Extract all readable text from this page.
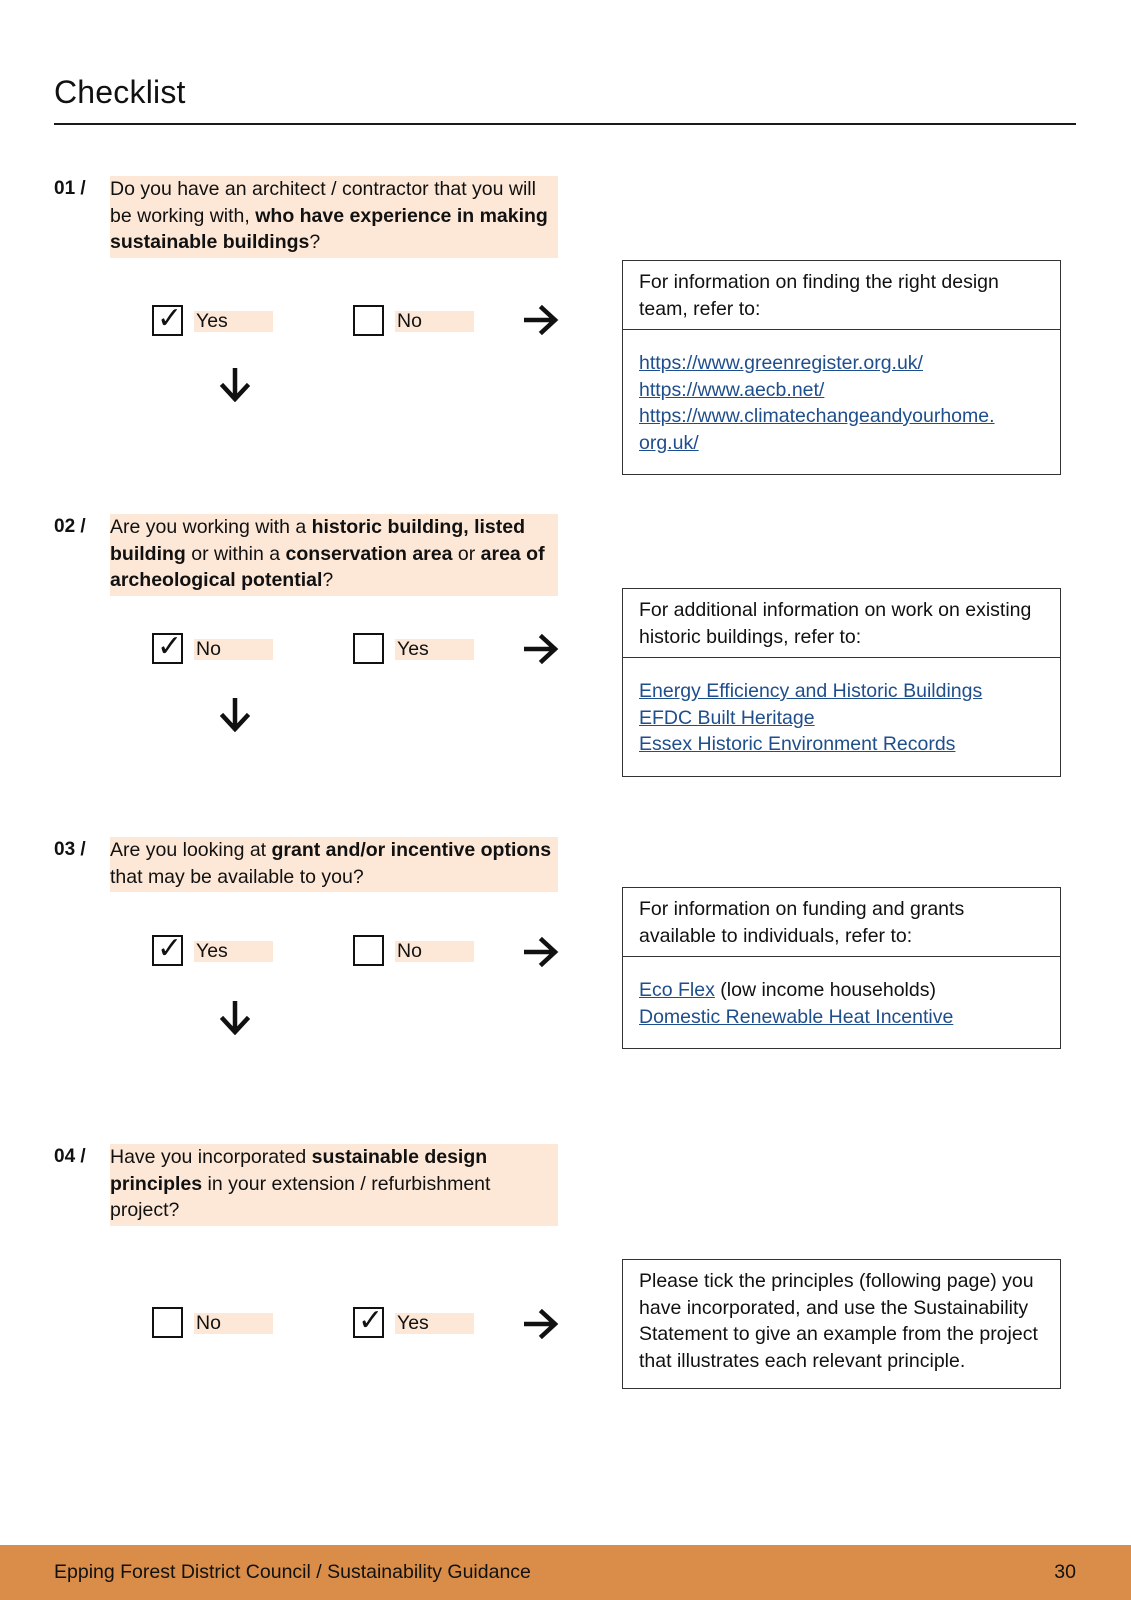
Checklist
01 / Do you have an architect / contractor that you will be working with, who have experience in making sustainable buildings?
✓ Yes	No
For information on finding the right design team, refer to:
https://www.greenregister.org.uk/
https://www.aecb.net/
https://www.climatechangeandyourhome.
org.uk/
02 / Are you working with a historic building, listed building or within a conservation area or area of archeological potential?
✓ No	Yes
For additional information on work on existing historic buildings, refer to:
Energy Efficiency and Historic Buildings
EFDC Built Heritage
Essex Historic Environment Records
03 / Are you looking at grant and/or incentive options that may be available to you?
✓ Yes	No
For information on funding and grants available to individuals, refer to:
Eco Flex (low income households)
Domestic Renewable Heat Incentive
04 / Have you incorporated sustainable design principles in your extension / refurbishment project?
No	✓ Yes
Please tick the principles (following page) you have incorporated, and use the Sustainability Statement to give an example from the project that illustrates each relevant principle.
Epping Forest District Council / Sustainability Guidance	30
